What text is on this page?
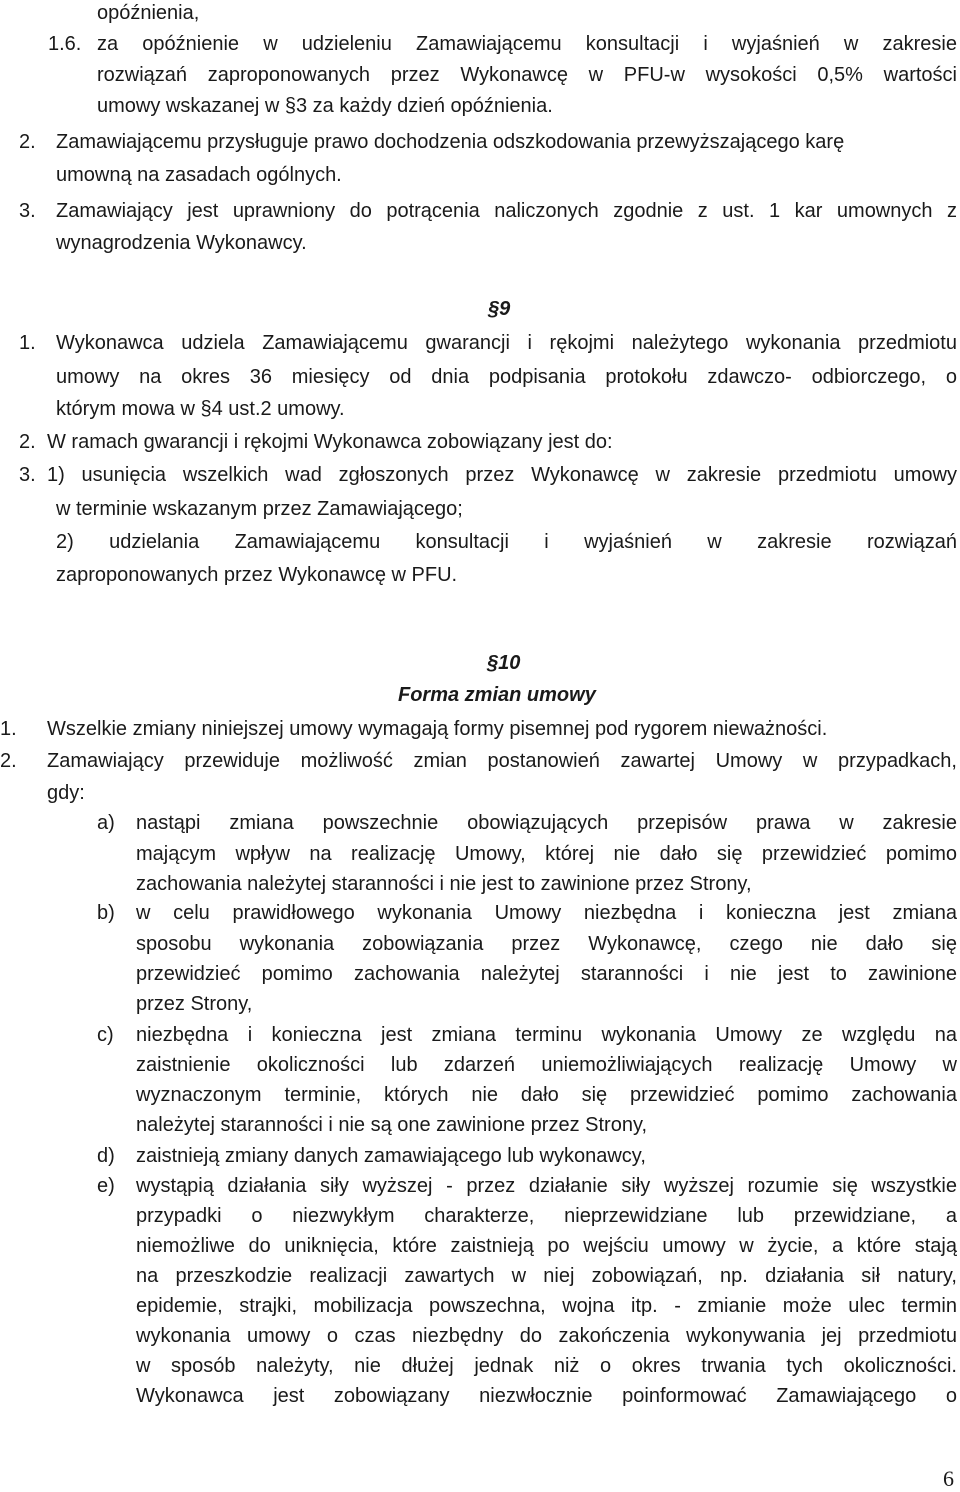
opóźnienia,
1.6. za opóźnienie w udzieleniu Zamawiającemu konsultacji i wyjaśnień w zakresie
rozwiązań zaproponowanych przez Wykonawcę w PFU-w wysokości 0,5% wartości
umowy wskazanej w §3 za każdy dzień opóźnienia.
2. Zamawiającemu przysługuje prawo dochodzenia odszkodowania przewyższającego karę
umowną na zasadach ogólnych.
3. Zamawiający jest uprawniony do potrącenia naliczonych zgodnie z ust. 1 kar umownych z
wynagrodzenia Wykonawcy.
§9
1. Wykonawca udziela Zamawiającemu gwarancji i rękojmi należytego wykonania przedmiotu
umowy na okres 36 miesięcy od dnia podpisania protokołu zdawczo- odbiorczego, o
którym mowa w §4 ust.2 umowy.
2. W ramach gwarancji i rękojmi Wykonawca zobowiązany jest do:
3. 1) usunięcia wszelkich wad zgłoszonych przez Wykonawcę w zakresie przedmiotu umowy
w terminie wskazanym przez Zamawiającego;
2) udzielania Zamawiającemu konsultacji i wyjaśnień w zakresie rozwiązań
zaproponowanych przez Wykonawcę w PFU.
§10
Forma zmian umowy
1. Wszelkie zmiany niniejszej umowy wymagają formy pisemnej pod rygorem nieważności.
2. Zamawiający przewiduje możliwość zmian postanowień zawartej Umowy w przypadkach,
gdy:
a) nastąpi zmiana powszechnie obowiązujących przepisów prawa w zakresie
mającym wpływ na realizację Umowy, której nie dało się przewidzieć pomimo
zachowania należytej staranności i nie jest to zawinione przez Strony,
b) w celu prawidłowego wykonania Umowy niezbędna i konieczna jest zmiana
sposobu wykonania zobowiązania przez Wykonawcę, czego nie dało się
przewidzieć pomimo zachowania należytej staranności i nie jest to zawinione
przez Strony,
c) niezbędna i konieczna jest zmiana terminu wykonania Umowy ze względu na
zaistnienie okoliczności lub zdarzeń uniemożliwiających realizację Umowy w
wyznaczonym terminie, których nie dało się przewidzieć pomimo zachowania
należytej staranności i nie są one zawinione przez Strony,
d) zaistnieją zmiany danych zamawiającego lub wykonawcy,
e) wystąpią działania siły wyższej - przez działanie siły wyższej rozumie się wszystkie
przypadki o niezwykłym charakterze, nieprzewidziane lub przewidziane, a
niemożliwe do uniknięcia, które zaistnieją po wejściu umowy w życie, a które stają
na przeszkodzie realizacji zawartych w niej zobowiązań, np. działania sił natury,
epidemie, strajki, mobilizacja powszechna, wojna itp. - zmianie może ulec termin
wykonania umowy o czas niezbędny do zakończenia wykonywania jej przedmiotu
w sposób należyty, nie dłużej jednak niż o okres trwania tych okoliczności.
Wykonawca jest zobowiązany niezwłocznie poinformować Zamawiającego o
6
